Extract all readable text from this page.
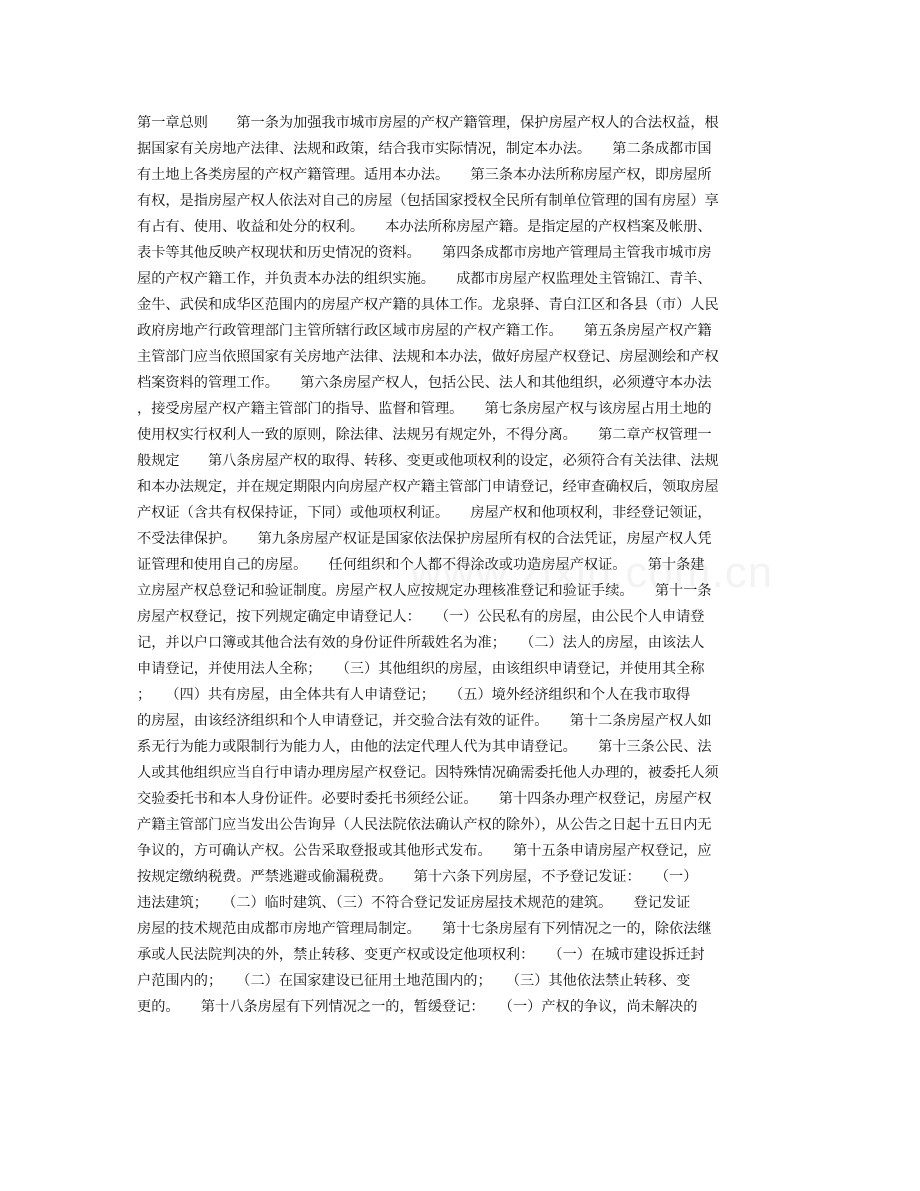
第一章总则　　第一条为加强我市城市房屋的产权产籍管理，保护房屋产权人的合法权益，根
据国家有关房地产法律、法规和政策，结合我市实际情况，制定本办法。　　第二条成都市国
有土地上各类房屋的产权产籍管理。适用本办法。　　第三条本办法所称房屋产权，即房屋所
有权，是指房屋产权人依法对自己的房屋（包括国家授权全民所有制单位管理的国有房屋）享
有占有、使用、收益和处分的权利。　　本办法所称房屋产籍。是指定屋的产权档案及帐册、
表卡等其他反映产权现状和历史情况的资料。　　第四条成都市房地产管理局主管我市城市房
屋的产权产籍工作，并负责本办法的组织实施。　　成都市房屋产权监理处主管锦江、青羊、
金牛、武侯和成华区范围内的房屋产权产籍的具体工作。龙泉驿、青白江区和各县（市）人民
政府房地产行政管理部门主管所辖行政区域市房屋的产权产籍工作。　　第五条房屋产权产籍
主管部门应当依照国家有关房地产法律、法规和本办法，做好房屋产权登记、房屋测绘和产权
档案资料的管理工作。　　第六条房屋产权人，包括公民、法人和其他组织，必须遵守本办法
，接受房屋产权产籍主管部门的指导、监督和管理。　　第七条房屋产权与该房屋占用土地的
使用权实行权利人一致的原则，除法律、法规另有规定外，不得分离。　　第二章产权管理一
般规定　　第八条房屋产权的取得、转移、变更或他项权利的设定，必须符合有关法律、法规
和本办法规定，并在规定期限内向房屋产权产籍主管部门申请登记，经审查确权后，领取房屋
产权证（含共有权保持证，下同）或他项权利证。　　房屋产权和他项权利，非经登记领证，
不受法律保护。　　第九条房屋产权证是国家依法保护房屋所有权的合法凭证，房屋产权人凭
证管理和使用自己的房屋。　　任何组织和个人都不得涂改或功造房屋产权证。　　第十条建
立房屋产权总登记和验证制度。房屋产权人应按规定办理核准登记和验证手续。　　第十一条
房屋产权登记，按下列规定确定申请登记人：　　（一）公民私有的房屋，由公民个人申请登
记，并以户口簿或其他合法有效的身份证件所载姓名为准；　　（二）法人的房屋，由该法人
申请登记，并使用法人全称；　　（三）其他组织的房屋，由该组织申请登记，并使用其全称
；　　（四）共有房屋，由全体共有人申请登记；　　（五）境外经济组织和个人在我市取得
的房屋，由该经济组织和个人申请登记，并交验合法有效的证件。　　第十二条房屋产权人如
系无行为能力或限制行为能力人，由他的法定代理人代为其申请登记。　　第十三条公民、法
人或其他组织应当自行申请办理房屋产权登记。因特殊情况确需委托他人办理的，被委托人须
交验委托书和本人身份证件。必要时委托书须经公证。　　第十四条办理产权登记，房屋产权
产籍主管部门应当发出公告询异（人民法院依法确认产权的除外），从公告之日起十五日内无
争议的，方可确认产权。公告采取登报或其他形式发布。　　第十五条申请房屋产权登记，应
按规定缴纳税费。严禁逃避或偷漏税费。　　第十六条下列房屋，不予登记发证：　　（一）
违法建筑；　　（二）临时建筑、（三）不符合登记发证房屋技术规范的建筑。　　登记发证
房屋的技术规范由成都市房地产管理局制定。　　第十七条房屋有下列情况之一的，除依法继
承或人民法院判决的外，禁止转移、变更产权或设定他项权利：　　（一）在城市建设拆迁封
户范围内的；　　（二）在国家建设已征用土地范围内的；　　（三）其他依法禁止转移、变
更的。　　第十八条房屋有下列情况之一的，暂缓登记：　　（一）产权的争议，尚未解决的
